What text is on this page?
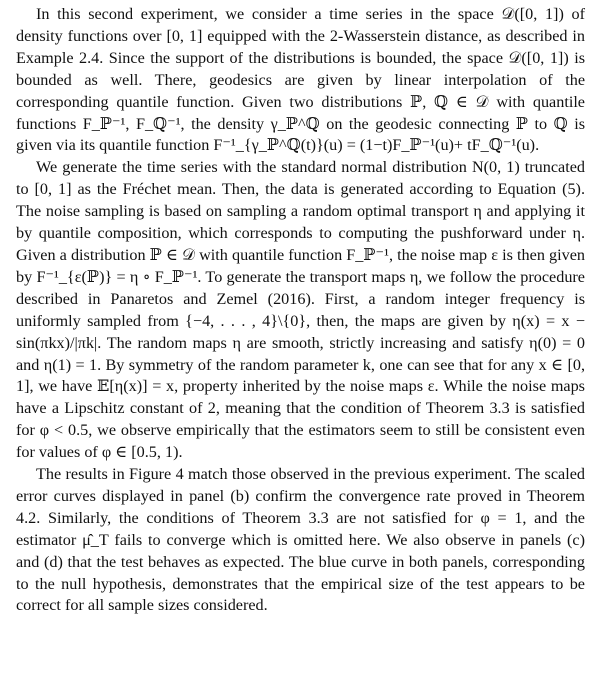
In this second experiment, we consider a time series in the space 𝒟([0, 1]) of density functions over [0, 1] equipped with the 2-Wasserstein distance, as described in Example 2.4. Since the support of the distributions is bounded, the space 𝒟([0, 1]) is bounded as well. There, geodesics are given by linear interpolation of the corresponding quantile function. Given two distributions ℙ, ℚ ∈ 𝒟 with quantile functions F_ℙ⁻¹, F_ℚ⁻¹, the density γ_ℙ^ℚ on the geodesic connecting ℙ to ℚ is given via its quantile function F⁻¹_{γ_ℙ^ℚ(t)}(u) = (1−t)F_ℙ⁻¹(u)+ tF_ℚ⁻¹(u).

We generate the time series with the standard normal distribution N(0, 1) truncated to [0, 1] as the Fréchet mean. Then, the data is generated according to Equation (5). The noise sampling is based on sampling a random optimal transport η and applying it by quantile composition, which corresponds to computing the pushforward under η. Given a distribution ℙ ∈ 𝒟 with quantile function F_ℙ⁻¹, the noise map ε is then given by F⁻¹_{ε(ℙ)} = η ∘ F_ℙ⁻¹. To generate the transport maps η, we follow the procedure described in Panaretos and Zemel (2016). First, a random integer frequency is uniformly sampled from {−4, . . . , 4}\{0}, then, the maps are given by η(x) = x − sin(πkx)/|πk|. The random maps η are smooth, strictly increasing and satisfy η(0) = 0 and η(1) = 1. By symmetry of the random parameter k, one can see that for any x ∈ [0, 1], we have 𝔼[η(x)] = x, property inherited by the noise maps ε. While the noise maps have a Lipschitz constant of 2, meaning that the condition of Theorem 3.3 is satisfied for φ < 0.5, we observe empirically that the estimators seem to still be consistent even for values of φ ∈ [0.5, 1).

The results in Figure 4 match those observed in the previous experiment. The scaled error curves displayed in panel (b) confirm the convergence rate proved in Theorem 4.2. Similarly, the conditions of Theorem 3.3 are not satisfied for φ = 1, and the estimator μ̂_T fails to converge which is omitted here. We also observe in panels (c) and (d) that the test behaves as expected. The blue curve in both panels, corresponding to the null hypothesis, demonstrates that the empirical size of the test appears to be correct for all sample sizes considered.
